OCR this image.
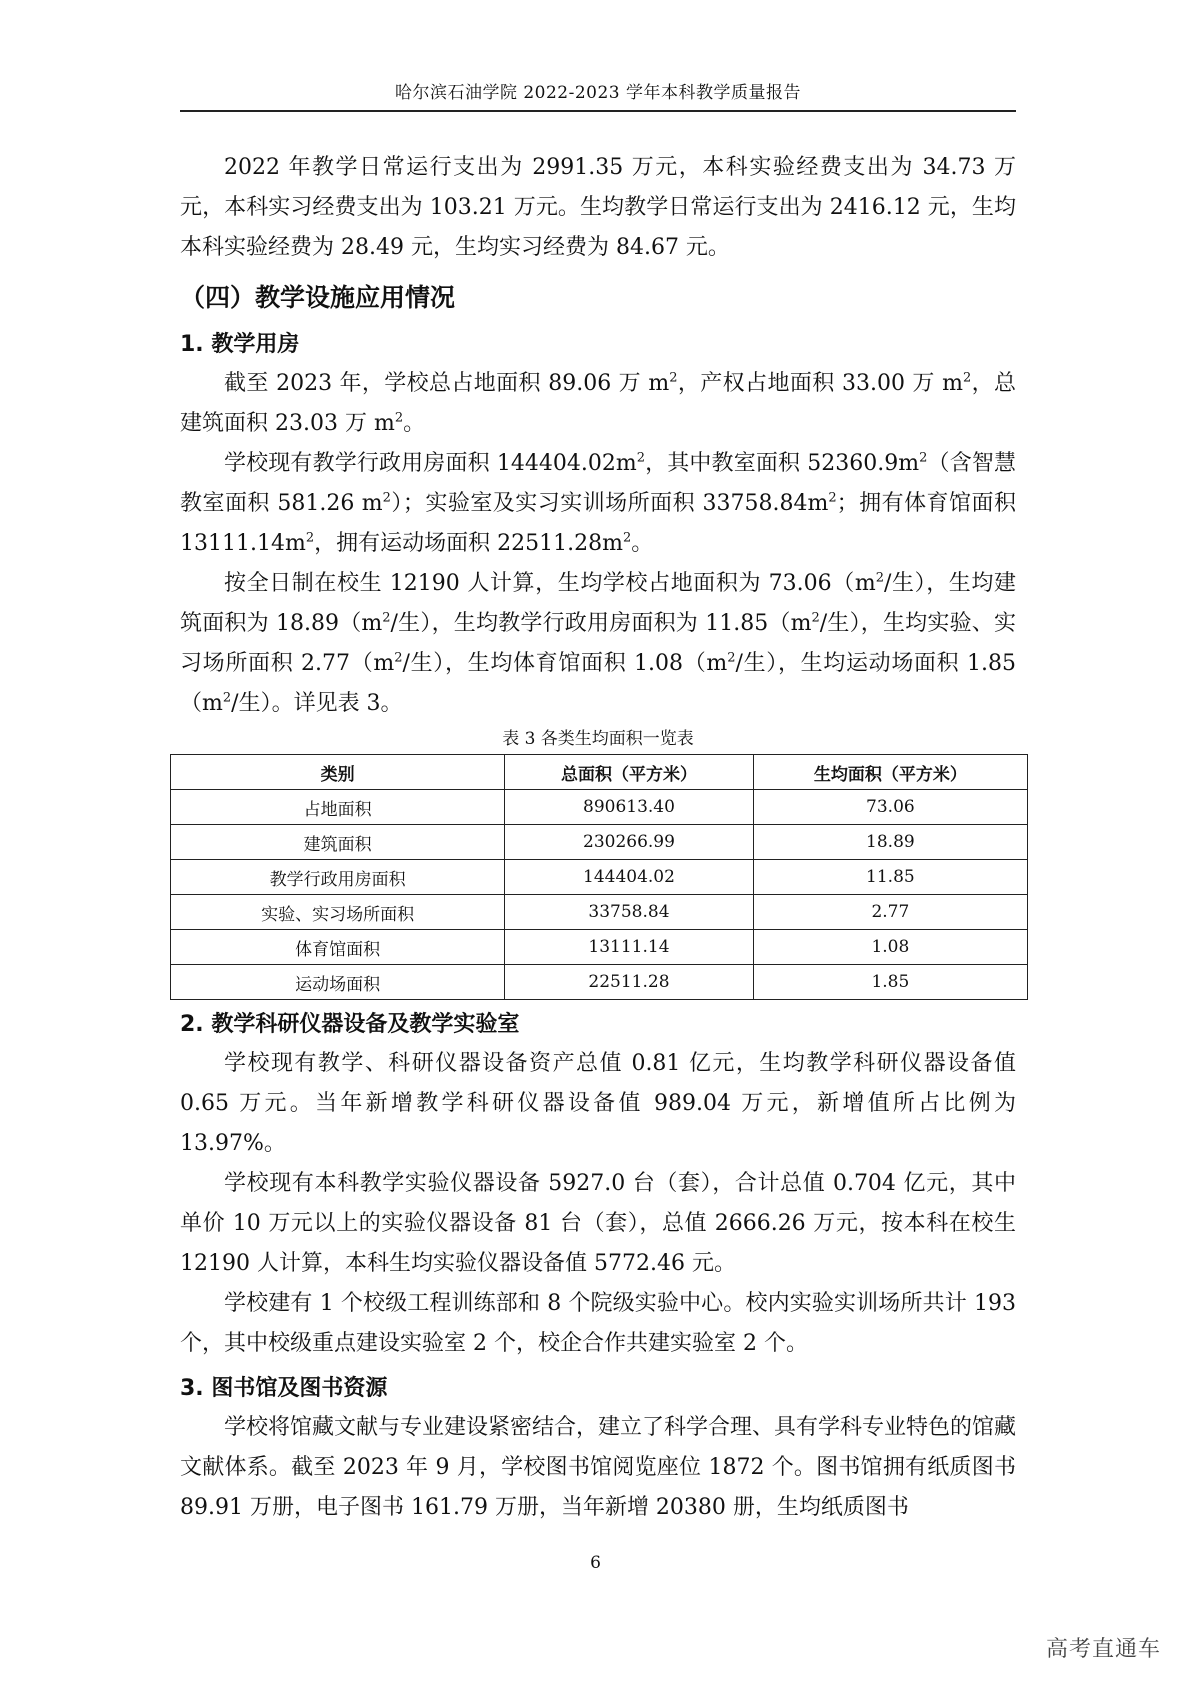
哈尔滨石油学院 2022-2023 学年本科教学质量报告

2022 年教学日常运行支出为 2991.35 万元，本科实验经费支出为 34.73 万元，本科实习经费支出为 103.21 万元。生均教学日常运行支出为 2416.12 元，生均本科实验经费为 28.49 元，生均实习经费为 84.67 元。

（四）教学设施应用情况
1. 教学用房

截至 2023 年，学校总占地面积 89.06 万 $m^2$，产权占地面积 33.00 万 $m^2$，总建筑面积 23.03 万 $m^2$。

学校现有教学行政用房面积 $144404.02m^2$，其中教室面积 $52360.9m^2$（含智慧教室面积 581.26 $m^2$）；实验室及实习实训场所面积 $33758.84m^2$；拥有体育馆面积 $13111.14m^2$，拥有运动场面积 $22511.28m^2$。

按全日制在校生 12190 人计算，生均学校占地面积为 $73.06(m^2/$生），生均建筑面积为 $18.89(m^2/$生），生均教学行政用房面积为 $11.85(m^2/$生），生均实验、实习场所面积 $2.77(m^2/$生），生均体育馆面积 $1.08(m^2/$生），生均运动场面积 $1.85(m^2/$生）。详见表 3。

表 3 各类生均面积一览表
类别	总面积（平方米）	生均面积（平方米）
占地面积	890613.40	73.06
建筑面积	230266.99	18.89
教学行政用房面积	144404.02	11.85
实验、实习场所面积	33758.84	2.77
体育馆面积	13111.14	1.08
运动场面积	22511.28	1.85
2. 教学科研仪器设备及教学实验室

学校现有教学、科研仪器设备资产总值 0.81 亿元，生均教学科研仪器设备值 0.65 万元。当年新增教学科研仪器设备值 989.04 万元，新增值所占比例为 13.97%。

学校现有本科教学实验仪器设备 5927.0 台（套），合计总值 0.704 亿元，其中单价 10 万元以上的实验仪器设备 81 台（套），总值 2666.26 万元，按本科在校生 12190 人计算，本科生均实验仪器设备值 5772.46 元。

学校建有 1 个校级工程训练部和 8 个院级实验中心。校内实验实训场所共计 193 个，其中校级重点建设实验室 2 个，校企合作共建实验室 2 个。

3. 图书馆及图书资源

学校将馆藏文献与专业建设紧密结合，建立了科学合理、具有学科专业特色的馆藏文献体系。截至 2023 年 9 月，学校图书馆阅览座位 1872 个。图书馆拥有纸质图书 89.91 万册，电子图书 161.79 万册，当年新增 20380 册，生均纸质图书

6
高考直通车
